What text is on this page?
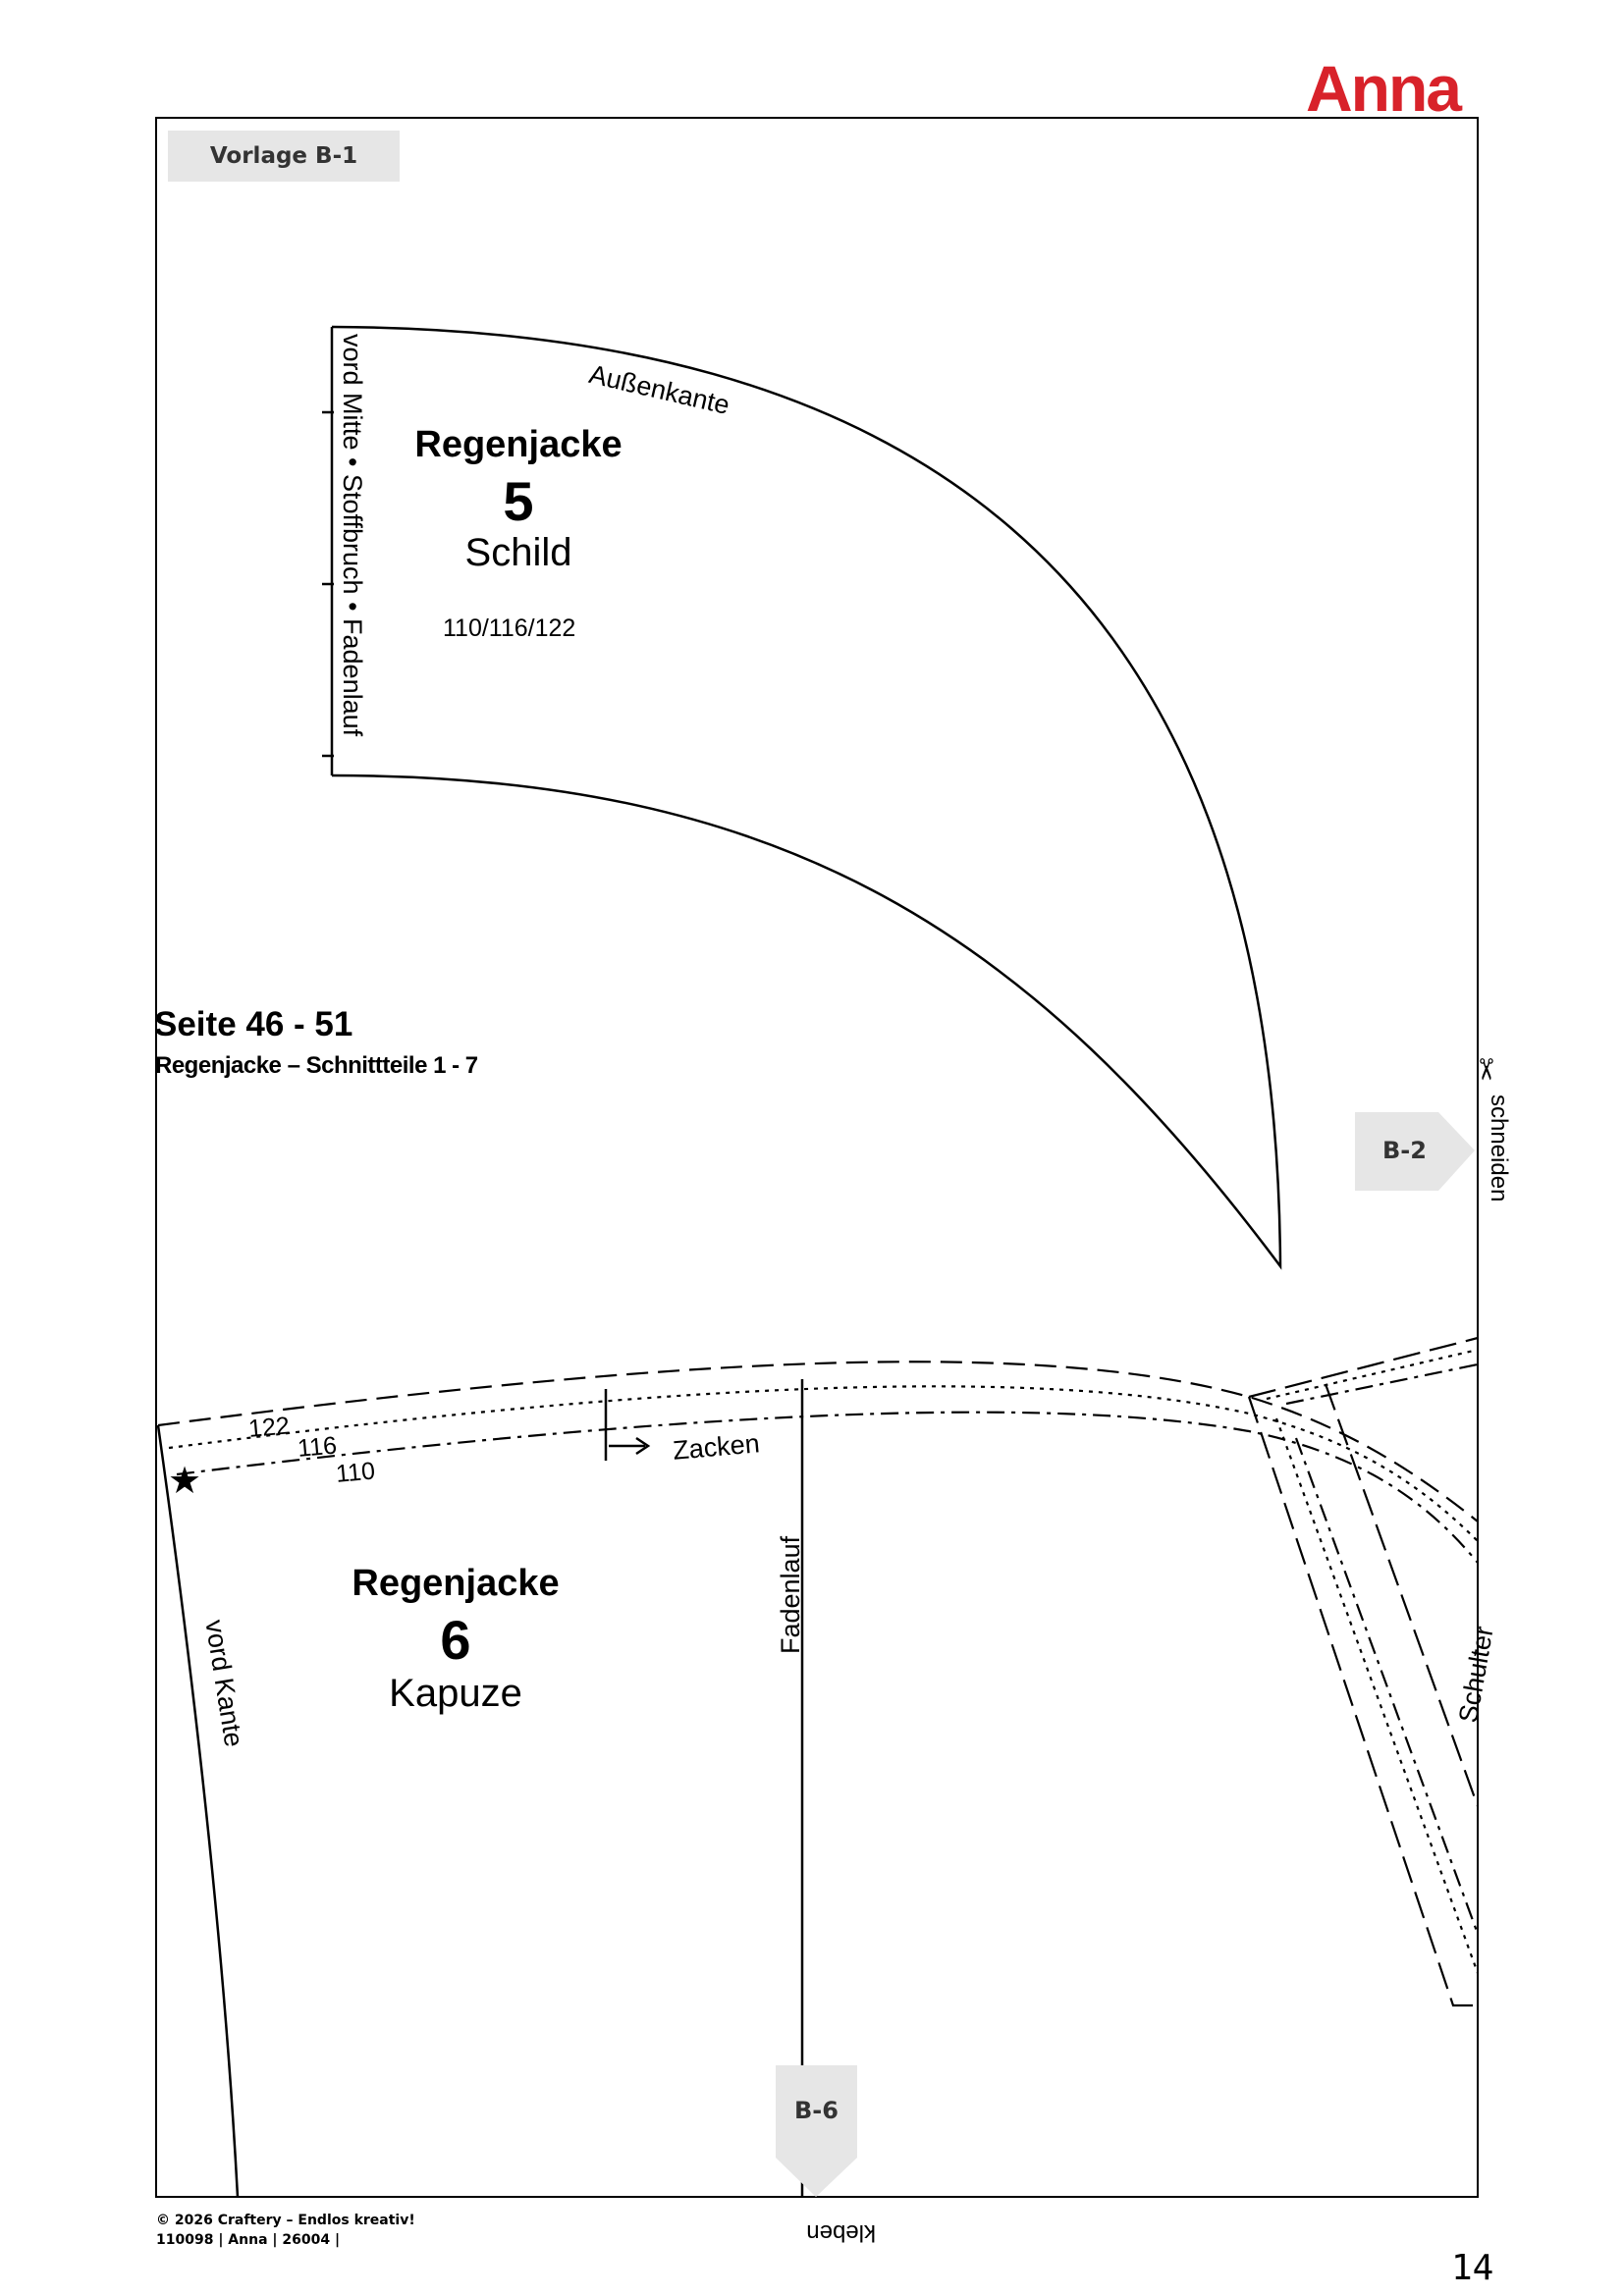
Anna
Vorlage B-1
Regenjacke
5
Schild
110/116/122
Außenkante
vord Mitte • Stoffbruch • Fadenlauf
Seite 46 - 51
Regenjacke – Schnittteile 1 - 7
Regenjacke
6
Kapuze
122
116
110
Zacken
Fadenlauf
vord Kante	Schulter
★
B-2
B-6
schneiden
✂
kleben
© 2026 Craftery – Endlos kreativ!
110098 | Anna | 26004 |
14
